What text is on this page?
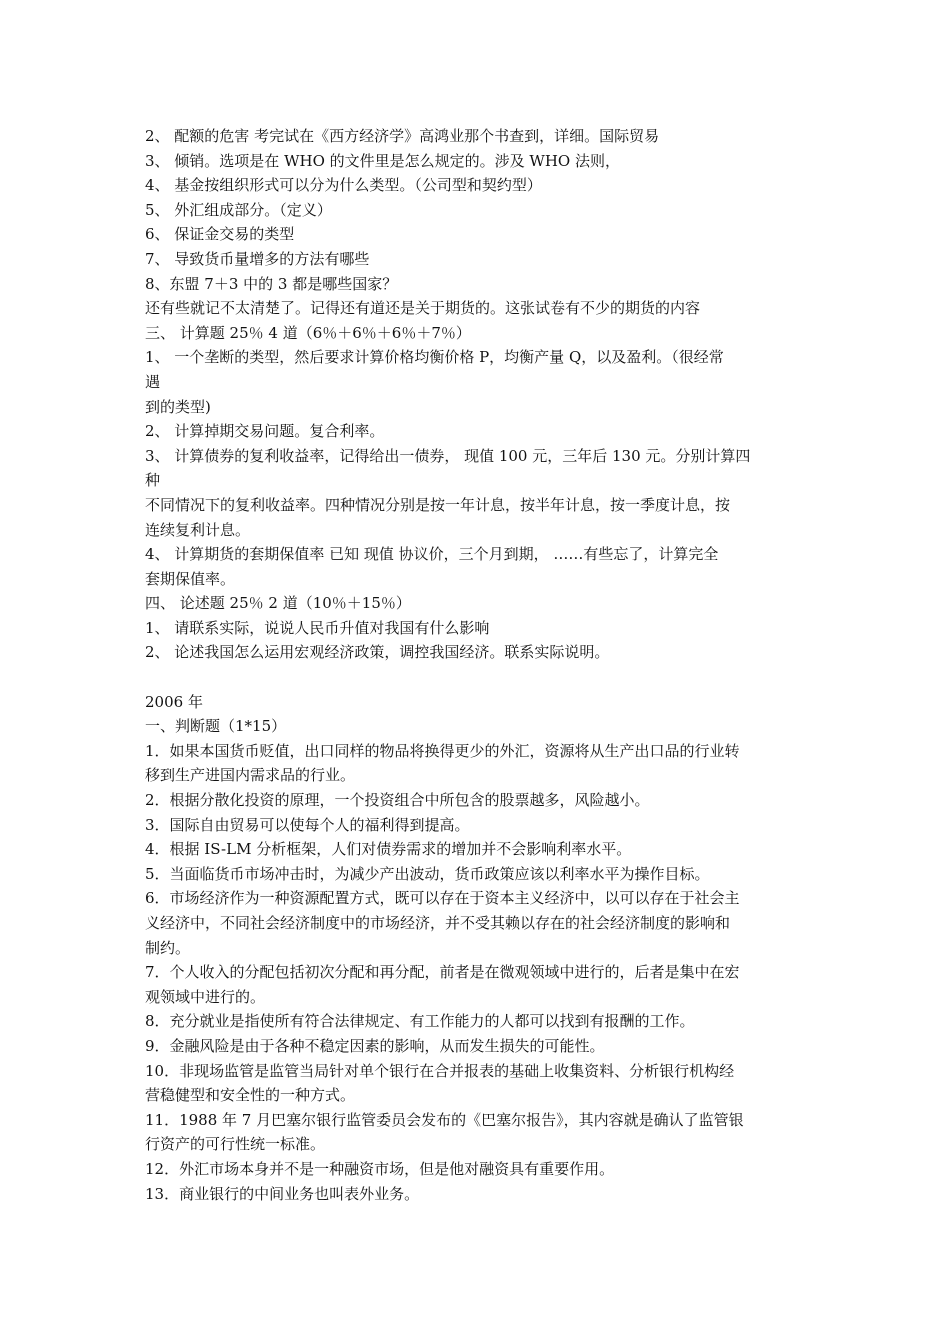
2、 配额的危害 考完试在《西方经济学》高鸿业那个书查到，详细。国际贸易
3、 倾销。选项是在 WHO 的文件里是怎么规定的。涉及 WHO 法则，
4、 基金按组织形式可以分为什么类型。（公司型和契约型）
5、 外汇组成部分。（定义）
6、 保证金交易的类型
7、 导致货币量增多的方法有哪些
8、东盟 7＋3 中的 3 都是哪些国家？
还有些就记不太清楚了。记得还有道还是关于期货的。这张试卷有不少的期货的内容
三、 计算题 25％ 4 道（6％＋6％＋6％＋7％）
1、 一个垄断的类型，然后要求计算价格均衡价格 P，均衡产量 Q，以及盈利。（很经常
遇
到的类型)
2、 计算掉期交易问题。复合利率。
3、 计算债券的复利收益率，记得给出一债券， 现值 100 元，三年后 130 元。分别计算四
种
不同情况下的复利收益率。四种情况分别是按一年计息，按半年计息，按一季度计息，按
连续复利计息。
4、 计算期货的套期保值率 已知 现值 协议价，三个月到期， ……有些忘了，计算完全
套期保值率。
四、 论述题 25％ 2 道（10％＋15％）
1、 请联系实际，说说人民币升值对我国有什么影响
2、 论述我国怎么运用宏观经济政策，调控我国经济。联系实际说明。
2006 年
一、判断题（1*15）
1．如果本国货币贬值，出口同样的物品将换得更少的外汇，资源将从生产出口品的行业转
移到生产进国内需求品的行业。
2．根据分散化投资的原理，一个投资组合中所包含的股票越多，风险越小。
3．国际自由贸易可以使每个人的福利得到提高。
4．根据 IS-LM 分析框架，人们对债券需求的增加并不会影响利率水平。
5．当面临货币市场冲击时，为减少产出波动，货币政策应该以利率水平为操作目标。
6．市场经济作为一种资源配置方式，既可以存在于资本主义经济中，以可以存在于社会主
义经济中，不同社会经济制度中的市场经济，并不受其赖以存在的社会经济制度的影响和
制约。
7．个人收入的分配包括初次分配和再分配，前者是在微观领域中进行的，后者是集中在宏
观领域中进行的。
8．充分就业是指使所有符合法律规定、有工作能力的人都可以找到有报酬的工作。
9．金融风险是由于各种不稳定因素的影响，从而发生损失的可能性。
10．非现场监管是监管当局针对单个银行在合并报表的基础上收集资料、分析银行机构经
营稳健型和安全性的一种方式。
11．1988 年 7 月巴塞尔银行监管委员会发布的《巴塞尔报告》，其内容就是确认了监管银
行资产的可行性统一标准。
12．外汇市场本身并不是一种融资市场，但是他对融资具有重要作用。
13．商业银行的中间业务也叫表外业务。
